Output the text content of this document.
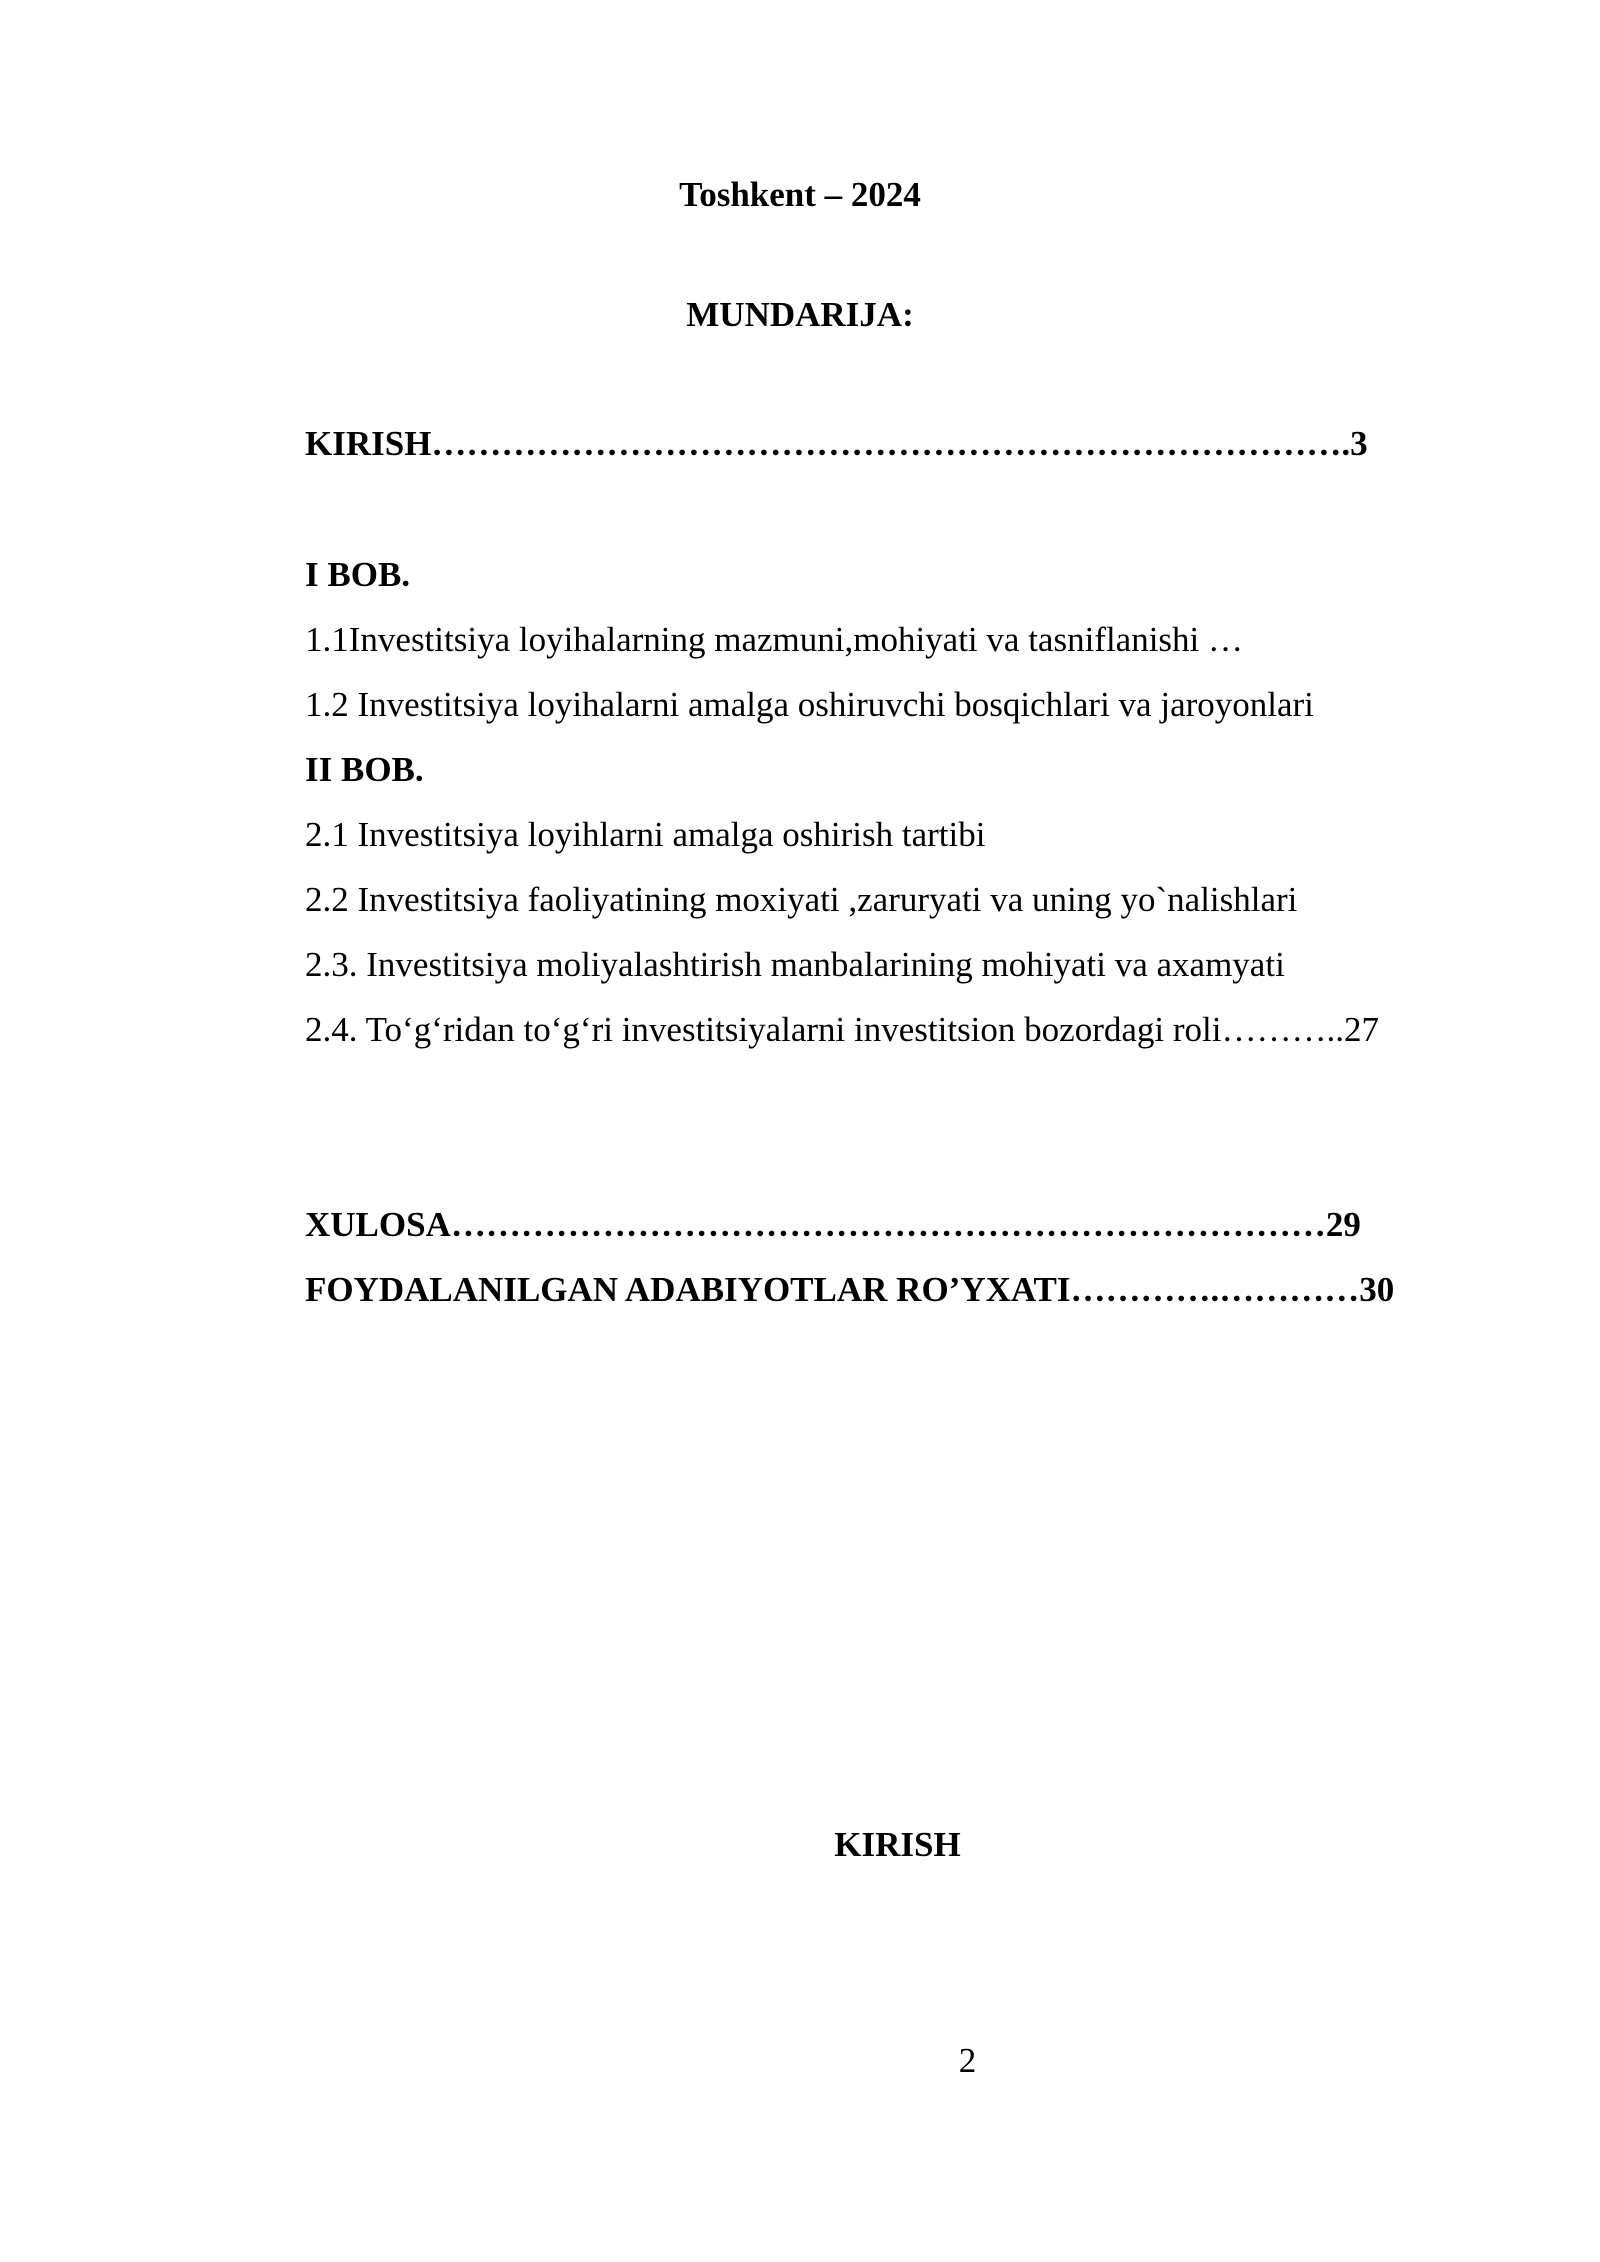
Toshkent – 2024
MUNDARIJA:
KIRISH…………………………………………………………………….3
I BOB.
1.1Investitsiya loyihalarning mazmuni,mohiyati va tasniflanishi …
1.2 Investitsiya loyihalarni amalga oshiruvchi bosqichlari va jaroyonlari
II BOB.
2.1 Investitsiya loyihlarni amalga oshirish tartibi
2.2 Investitsiya faoliyatining moxiyati ,zaruryati va uning yo`nalishlari
2.3. Investitsiya moliyalashtirish manbalarining mohiyati va axamyati
2.4. To‘g‘ridan to‘g‘ri investitsiyalarni investitsion bozordagi roli………..27
XULOSA…………………………………………………………………29
FOYDALANILGAN ADABIYOTLAR RO’YXATI………….…………30
KIRISH
2
